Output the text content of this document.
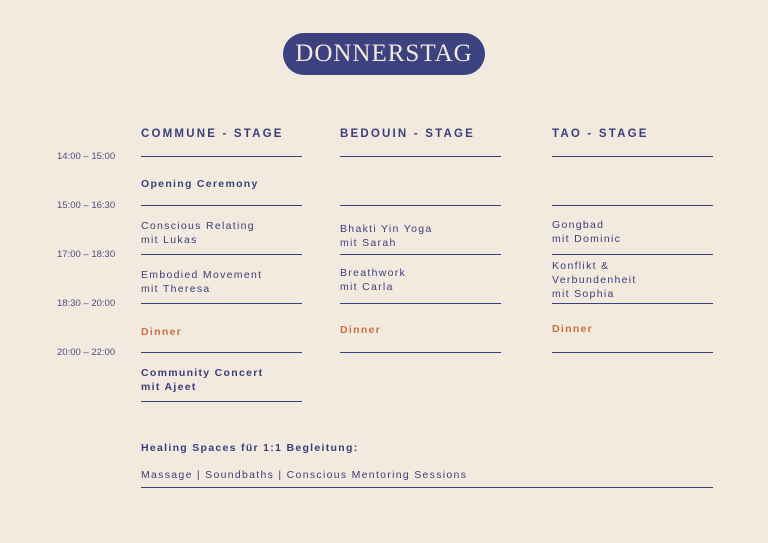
DONNERSTAG
COMMUNE - STAGE	BEDOUIN - STAGE	TAO - STAGE
14:00 – 15:00
15:00 – 16:30
17:00 – 18:30
18:30 – 20:00
20:00 – 22:00
Opening Ceremony
Conscious Relating
mit Lukas
Embodied Movement
mit Theresa
Dinner
Community Concert
mit Ajeet
Bhakti Yin Yoga
mit Sarah
Breathwork
mit Carla
Dinner
Gongbad
mit Dominic
Konflikt &
Verbundenheit
mit Sophia
Dinner
Healing Spaces für 1:1 Begleitung:
Massage | Soundbaths | Conscious Mentoring Sessions
